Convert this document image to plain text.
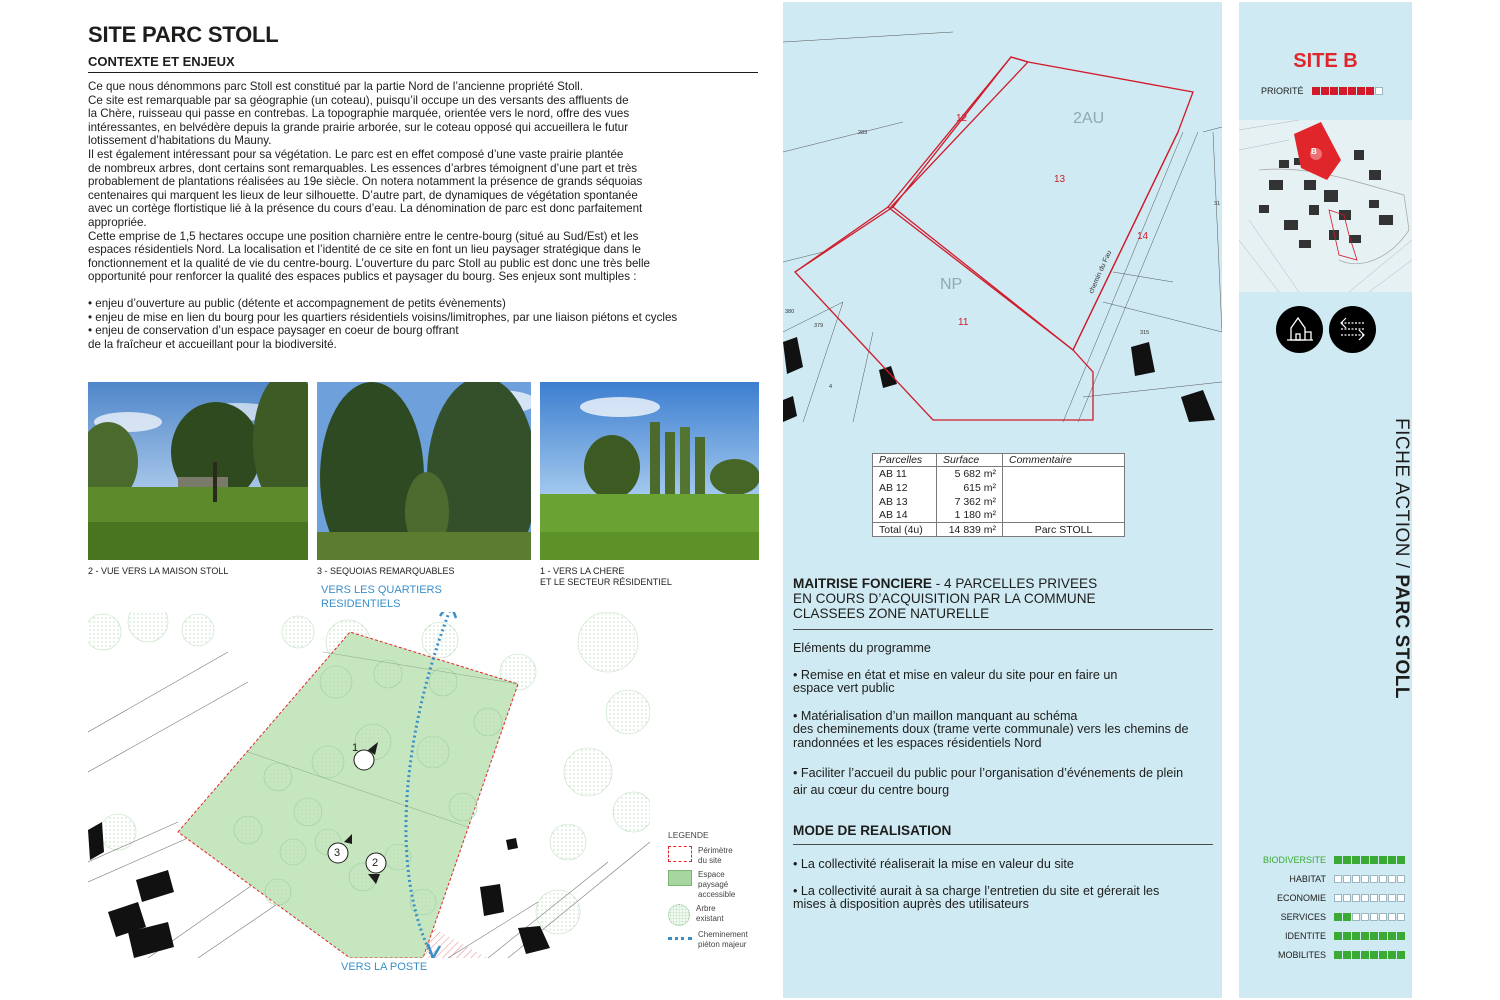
SITE PARC STOLL
CONTEXTE ET ENJEUX

Ce que nous dénommons parc Stoll est constitué par la partie Nord de l’ancienne propriété Stoll.

Ce site est remarquable par sa géographie (un coteau), puisqu’il occupe un des versants des affluents de

la Chère, ruisseau qui passe en contrebas. La topographie marquée, orientée vers le nord, offre des vues

intéressantes, en belvédère depuis la grande prairie arborée, sur le coteau opposé qui accueillera le futur

lotissement d’habitations du Mauny.

Il est également intéressant pour sa végétation. Le parc est en effet composé d’une vaste prairie plantée

de nombreux arbres, dont certains sont remarquables. Les essences d’arbres témoignent d’une part et très

probablement de plantations réalisées au 19e siècle. On notera notamment la présence de grands séquoias

centenaires qui marquent les lieux de leur silhouette. D’autre part, de dynamiques de végétation spontanée

avec un cortège flortistique lié à la présence du cours d’eau. La dénomination de parc est donc parfaitement

appropriée.

Cette emprise de 1,5 hectares occupe une position charnière entre le centre-bourg (situé au Sud/Est) et les

espaces résidentiels Nord. La localisation et l’identité de ce site en font un lieu paysager stratégique dans le

fonctionnement et la qualité de vie du centre-bourg. L’ouverture du parc Stoll au public est donc une très belle

opportunité pour renforcer la qualité des espaces publics et paysager du bourg. Ses enjeux sont multiples :

• enjeu d’ouverture au public (détente et accompagnement de petits évènements)

• enjeu de mise en lien du bourg pour les quartiers résidentiels voisins/limitrophes, par une liaison piétons et cycles

• enjeu de conservation d’un espace paysager en coeur de bourg offrant

de la fraîcheur et accueillant pour la biodiversité.

2 - VUE VERS LA MAISON STOLL	3 - SEQUOIAS REMARQUABLES	1 - VERS LA CHERE
ET LE SECTEUR RÉSIDENTIEL
1
2
3
VERS LES QUARTIERS
RESIDENTIELS
VERS LA POSTE
LEGENDE
Périmètre
du site
Espace
paysagé
accessible
Arbre
existant
Cheminement
piéton majeur
2AU
NP
12
13
14
11
283
380
379
4
315
31
chemin du Fau
Parcelles	Surface	Commentaire
AB 11	5 682 m²	
AB 12	615 m²	
AB 13	7 362 m²	
AB 14	1 180 m²	
Total (4u)	14 839 m²	Parc STOLL
MAITRISE FONCIERE - 4 PARCELLES PRIVEES
EN COURS D’ACQUISITION PAR LA COMMUNE
CLASSEES ZONE NATURELLE
Eléments du programme
• Remise en état et mise en valeur du site pour en faire un
espace vert public
• Matérialisation d’un maillon manquant au schéma
des cheminements doux (trame verte communale) vers les chemins de
randonnées et les espaces résidentiels Nord
• Faciliter l’accueil du public pour l’organisation d’événements de plein
air au cœur du centre bourg
MODE DE REALISATION
• La collectivité réaliserait la mise en valeur du site
• La collectivité aurait à sa charge l’entretien du site et gérerait les
mises à disposition auprès des utilisateurs
SITE B
PRIORITÉ
B
BIODIVERSITE
HABITAT
ECONOMIE
SERVICES
IDENTITE
MOBILITES
FICHE ACTION / PARC STOLL
